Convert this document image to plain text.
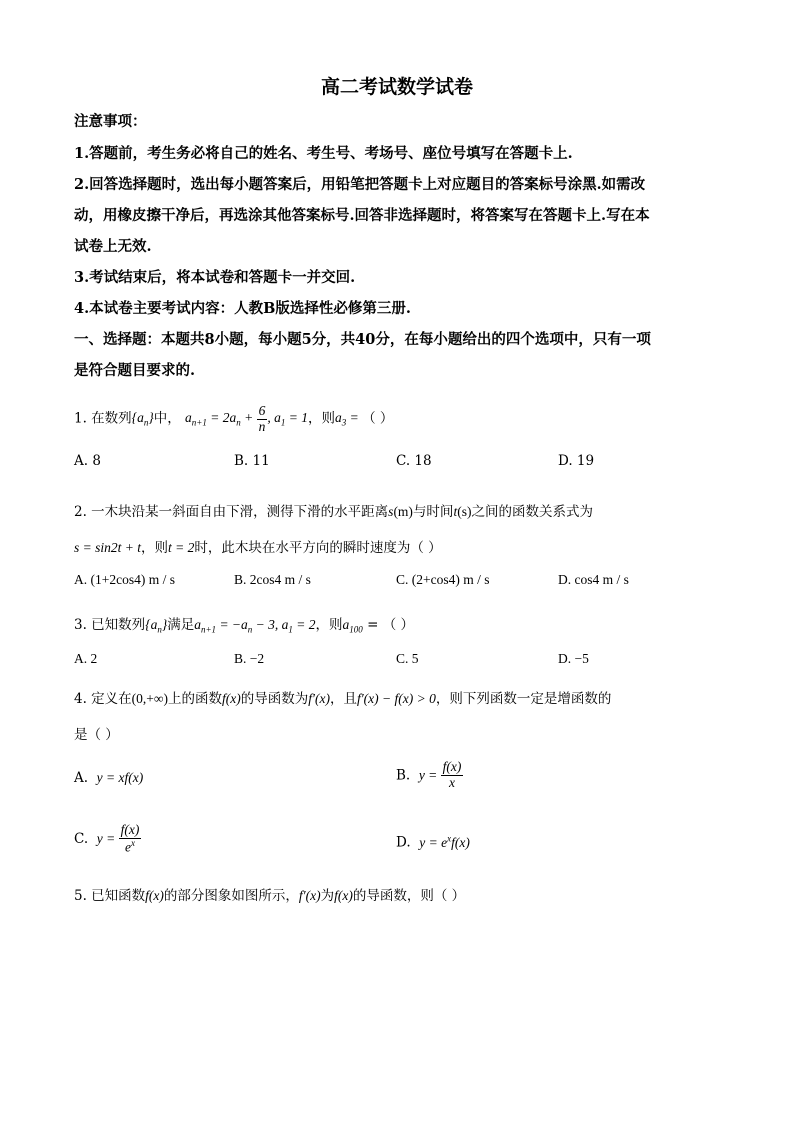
高二考试数学试卷
注意事项：
1.答题前，考生务必将自己的姓名、考生号、考场号、座位号填写在答题卡上.
2.回答选择题时，选出每小题答案后，用铅笔把答题卡上对应题目的答案标号涂黑.如需改
动，用橡皮擦干净后，再选涂其他答案标号.回答非选择题时，将答案写在答题卡上.写在本
试卷上无效.
3.考试结束后，将本试卷和答题卡一并交回.
4.本试卷主要考试内容：人教B版选择性必修第三册.
一、选择题：本题共8小题，每小题5分，共40分，在每小题给出的四个选项中，只有一项
是符合题目要求的.
1. 在数列$\{a_n\}$中， $a_{n+1} = 2a_n + \frac{6}{n}$ , $a_1 = 1$，则$a_3$ = （ ）
A. 8	B. 11	C. 18	D. 19
2. 一木块沿某一斜面自由下滑，测得下滑的水平距离s(m)与时间t(s)之间的函数关系式为
s = sin2t + t，则t = 2时，此木块在水平方向的瞬时速度为（ ）
A. (1+2cos4) m / s	B. 2cos4 m / s	C. (2+cos4) m / s	D. cos4 m / s
3. 已知数列$\{a_n\}$满足$a_{n+1} = -a_n - 3$, $a_1 = 2$，则$a_{100}$ = （ ）
A. 2	B. −2	C. 5	D. −5
4. 定义在(0,+∞)上的函数f(x)的导函数为f′(x)，且f′(x) − f(x) > 0，则下列函数一定是增函数的
是（ ）
A. y = xf(x)	B. $y = \frac{f(x)}{x}$
C. $y = \frac{f(x)}{e^x}$	D. $y = e^xf(x)$
5. 已知函数f(x)的部分图象如图所示，f′(x)为f(x)的导函数，则（ ）
